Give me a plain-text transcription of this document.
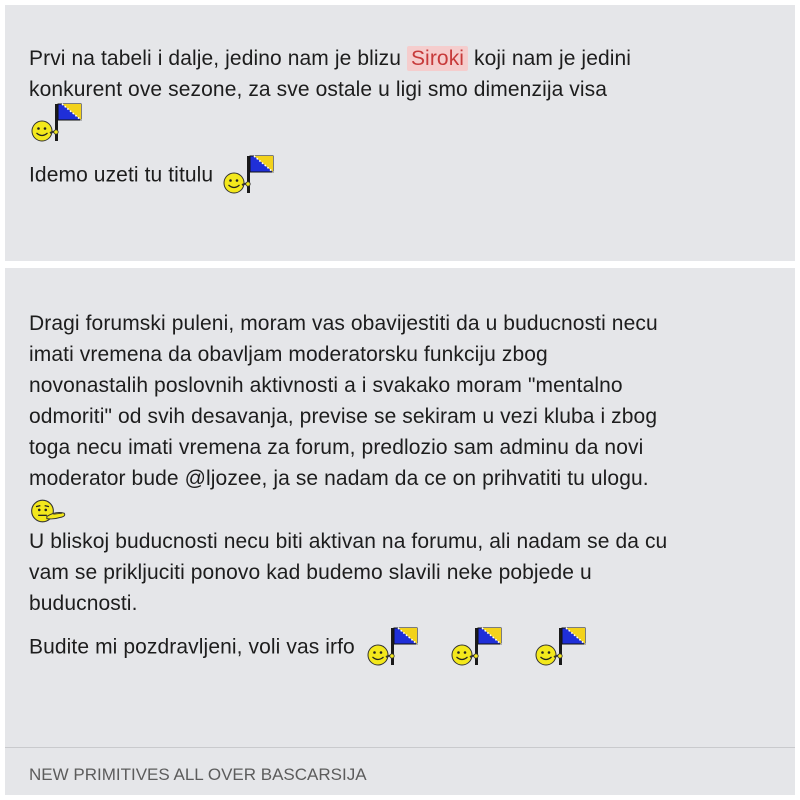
Prvi na tabeli i dalje, jedino nam je blizu Siroki koji nam je jedini
konkurent ove sezone, za sve ostale u ligi smo dimenzija visa
Idemo uzeti tu titulu
Dragi forumski puleni, moram vas obavijestiti da u buducnosti necu
imati vremena da obavljam moderatorsku funkciju zbog
novonastalih poslovnih aktivnosti a i svakako moram "mentalno
odmoriti" od svih desavanja, previse se sekiram u vezi kluba i zbog
toga necu imati vremena za forum, predlozio sam adminu da novi
moderator bude @ljozee, ja se nadam da ce on prihvatiti tu ulogu.
U bliskoj buducnosti necu biti aktivan na forumu, ali nadam se da cu
vam se prikljuciti ponovo kad budemo slavili neke pobjede u
buducnosti.
Budite mi pozdravljeni, voli vas irfo

NEW PRIMITIVES ALL OVER BASCARSIJA
